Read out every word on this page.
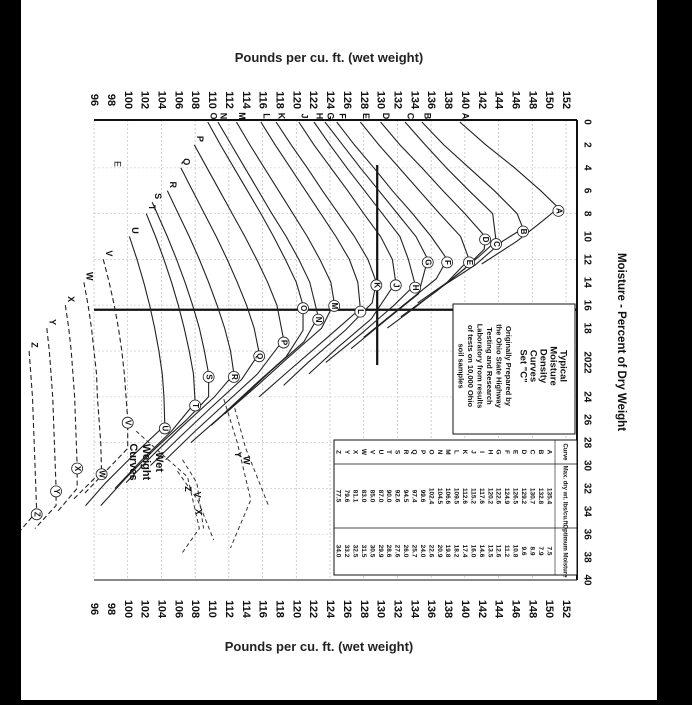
Pounds per cu. ft. (wet weight)
Pounds per cu. ft. (wet weight)
152
152
150
150
148
148
146
146
144
144
142
142
140
140
138
138
136
136
134
134
132
132
130
130
128
128
126
126
124
124
122
122
120
120
118
118
116
116
114
114
112
112
110
110
108
108
106
106
104
104
102
102
100
100
98
98
96
96
0
2
4
6
8
10
12
14
16
18
2022
24
26
28
30
32
34
36
38
40
Moisture - Percent of Dry Weight
E
A
A
B
B
C
C
D
D
E
E
F
F
G
G
H
H
J
J
K
K
L
L
M
M
N
N
O
O
P
P
Q
Q
R
R
S
S
T
T
U
U
V
V
W
W
X
X
Y
Y
Z
Z
V
W
X
Y
Z
Typical
Moisture
Density
Curves
Set "C"
Originally Prepared by
the Ohio State Highway
Testing and Research
Laboratory from results
of tests on 10,000 Ohio
soil samples
Wet
Weight
Curves	A
135.4
7.5
B
132.8
7.9
C
130.7
8.9
D
129.2
9.6
E
126.5
10.8
F
124.9
11.2
G
122.6
12.6
H
120.2
13.5
I
117.6
14.6
J
115.2
16.0
K
112.6
17.4
L
109.5
18.2
M
106.6
19.8
N
104.5
20.9
O
102.4
22.6
P
99.6
24.0
Q
97.4
25.7
R
94.5
26.0
S
92.6
27.6
T
90.0
28.6
U
87.0
29.9
V
85.0
30.5
W
83.0
31.5
X
81.1
32.5
Y
79.6
33.2
Z
77.5
34.0
Curve
Max. dry wt. lbs/cu.ft.
Optimum Moisture
